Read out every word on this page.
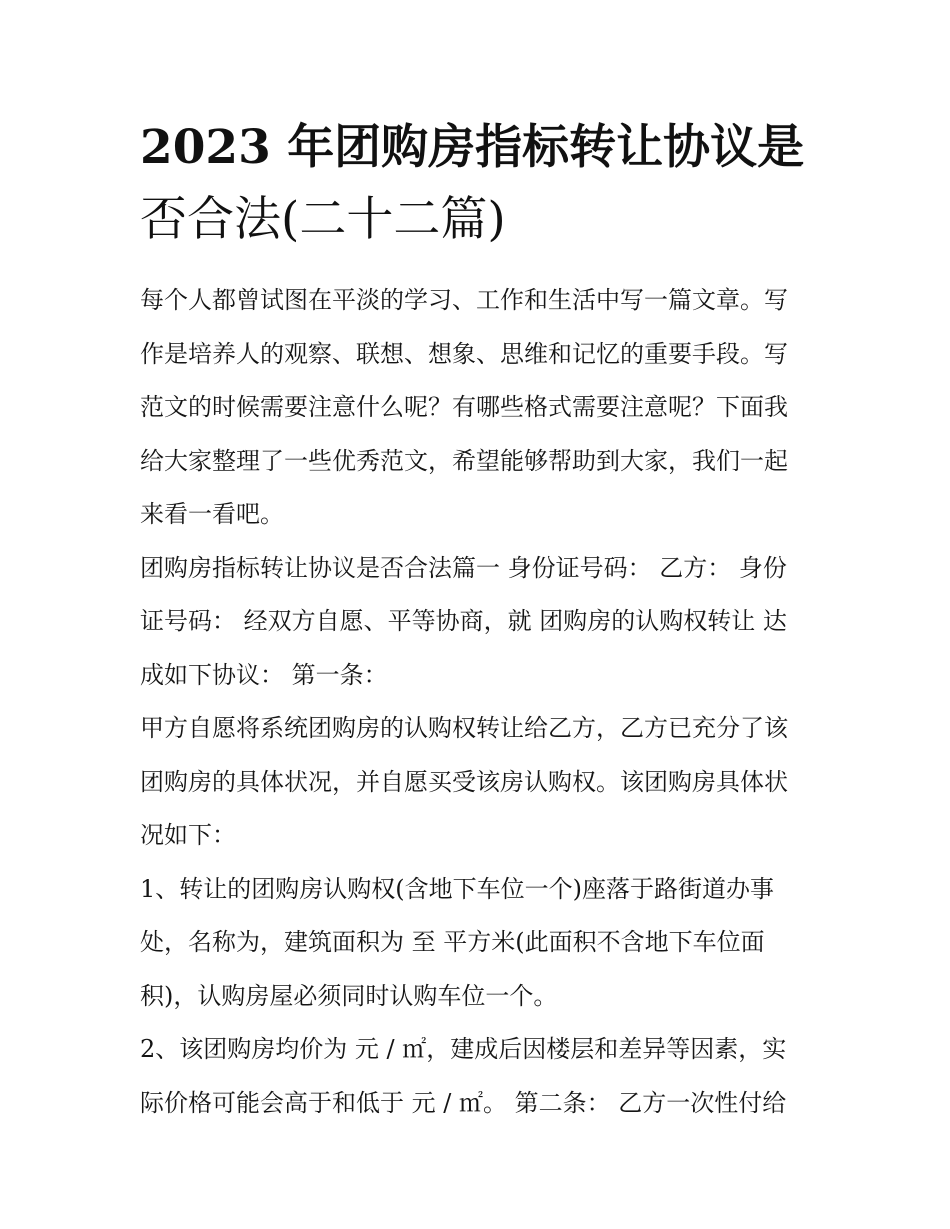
2023 年团购房指标转让协议是
否合法(二十二篇)

每个人都曾试图在平淡的学习、工作和生活中写一篇文章。写
作是培养人的观察、联想、想象、思维和记忆的重要手段。写
范文的时候需要注意什么呢？有哪些格式需要注意呢？下面我
给大家整理了一些优秀范文，希望能够帮助到大家，我们一起
来看一看吧。

团购房指标转让协议是否合法篇一 身份证号码： 乙方： 身份
证号码： 经双方自愿、平等协商，就 团购房的认购权转让 达
成如下协议： 第一条：

甲方自愿将系统团购房的认购权转让给乙方，乙方已充分了该
团购房的具体状况，并自愿买受该房认购权。该团购房具体状
况如下：

1、转让的团购房认购权(含地下车位一个)座落于路街道办事
处，名称为，建筑面积为 至 平方米(此面积不含地下车位面
积)，认购房屋必须同时认购车位一个。

2、该团购房均价为 元 / ㎡，建成后因楼层和差异等因素，实
际价格可能会高于和低于 元 / ㎡。 第二条： 乙方一次性付给
